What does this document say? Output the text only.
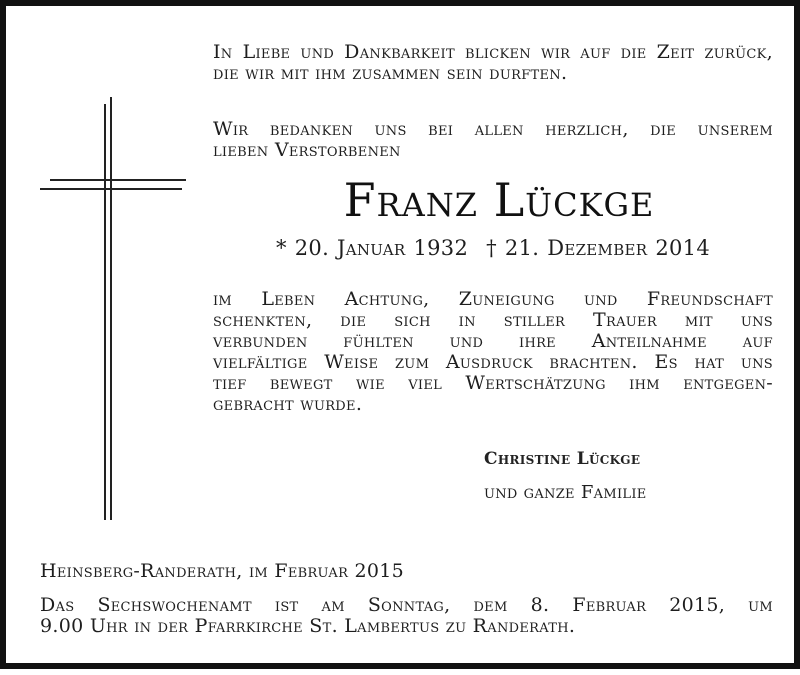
In Liebe und Dankbarkeit blicken wir auf die Zeit zurück,
die wir mit ihm zusammen sein durften.
Wir bedanken uns bei allen herzlich, die unserem
lieben Verstorbenen
Franz Lückge
* 20. Januar 1932 † 21. Dezember 2014
im Leben Achtung, Zuneigung und Freundschaft
schenkten, die sich in stiller Trauer mit uns
verbunden fühlten und ihre Anteilnahme auf
vielfältige Weise zum Ausdruck brachten. Es hat uns
tief bewegt wie viel Wertschätzung ihm entgegen-
gebracht wurde.
Christine Lückge
und ganze Familie
Heinsberg-Randerath, im Februar 2015
Das Sechswochenamt ist am Sonntag, dem 8. Februar 2015, um
9.00 Uhr in der Pfarrkirche St. Lambertus zu Randerath.
